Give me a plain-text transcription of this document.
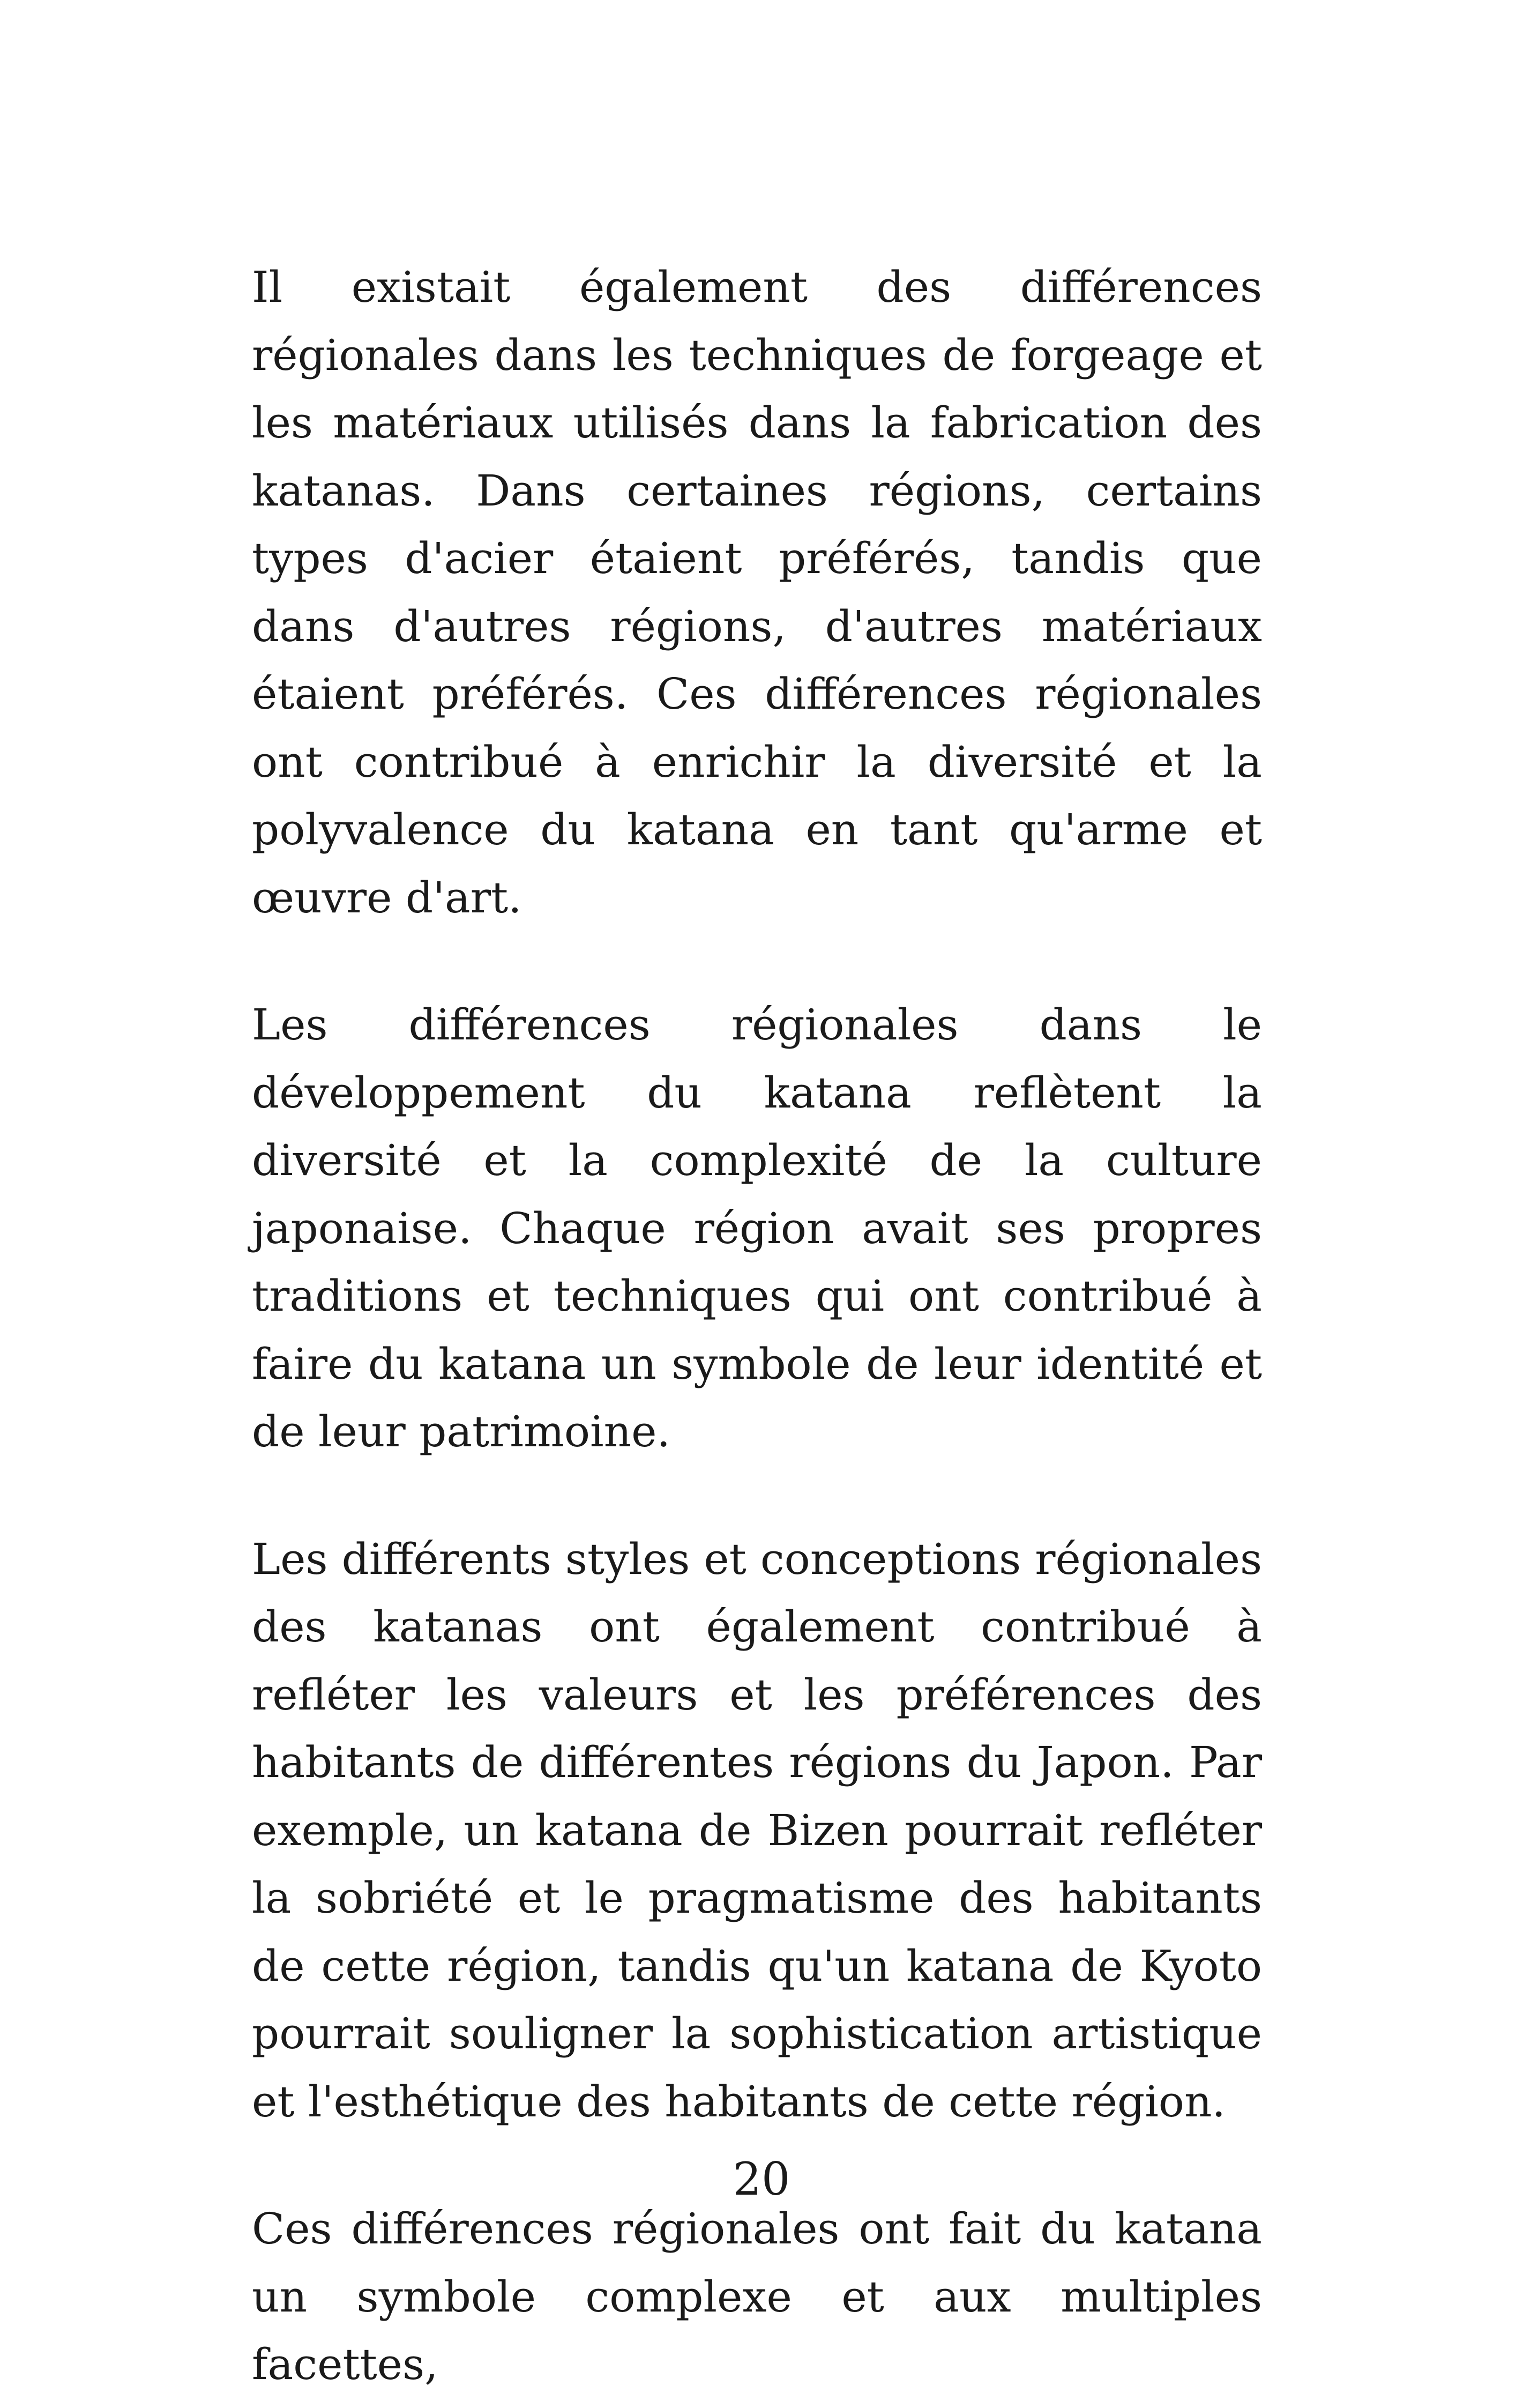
Il existait également des différences régionales dans les techniques de forgeage et les matériaux utilisés dans la fabrication des katanas. Dans certaines régions, certains types d'acier étaient préférés, tandis que dans d'autres régions, d'autres matériaux étaient préférés. Ces différences régionales ont contribué à enrichir la diversité et la polyvalence du katana en tant qu'arme et œuvre d'art.

Les différences régionales dans le développement du katana reflètent la diversité et la complexité de la culture japonaise. Chaque région avait ses propres traditions et techniques qui ont contribué à faire du katana un symbole de leur identité et de leur patrimoine.

Les différents styles et conceptions régionales des katanas ont également contribué à refléter les valeurs et les préférences des habitants de différentes régions du Japon. Par exemple, un katana de Bizen pourrait refléter la sobriété et le pragmatisme des habitants de cette région, tandis qu'un katana de Kyoto pourrait souligner la sophistication artistique et l'esthétique des habitants de cette région.

Ces différences régionales ont fait du katana un symbole complexe et aux multiples facettes,

20
